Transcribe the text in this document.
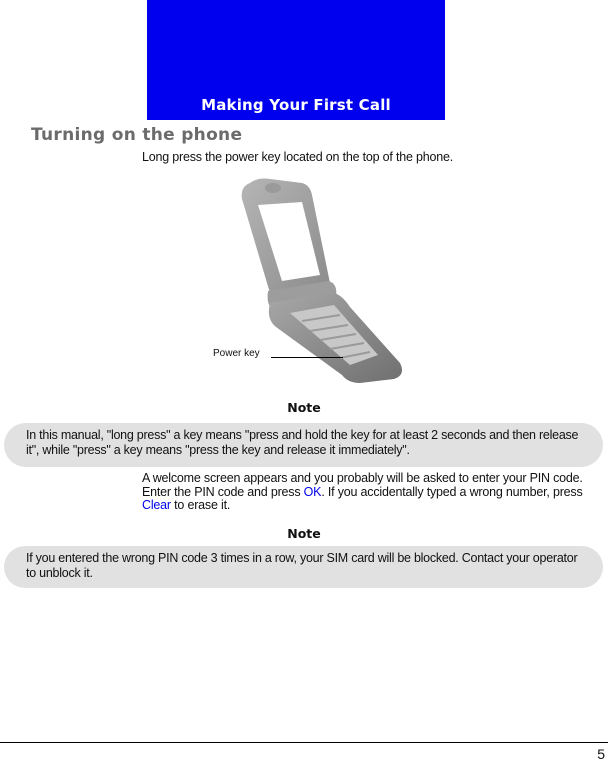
Making Your First Call
Turning on the phone
Long press the power key located on the top of the phone.
Power key
Note
In this manual, "long press" a key means "press and hold the key for at least 2 seconds and then release it", while "press" a key means "press the key and release it immediately".
A welcome screen appears and you probably will be asked to enter your PIN code. Enter the PIN code and press OK. If you accidentally typed a wrong number, press Clear to erase it.
Note
If you entered the wrong PIN code 3 times in a row, your SIM card will be blocked. Contact your operator to unblock it.
5
